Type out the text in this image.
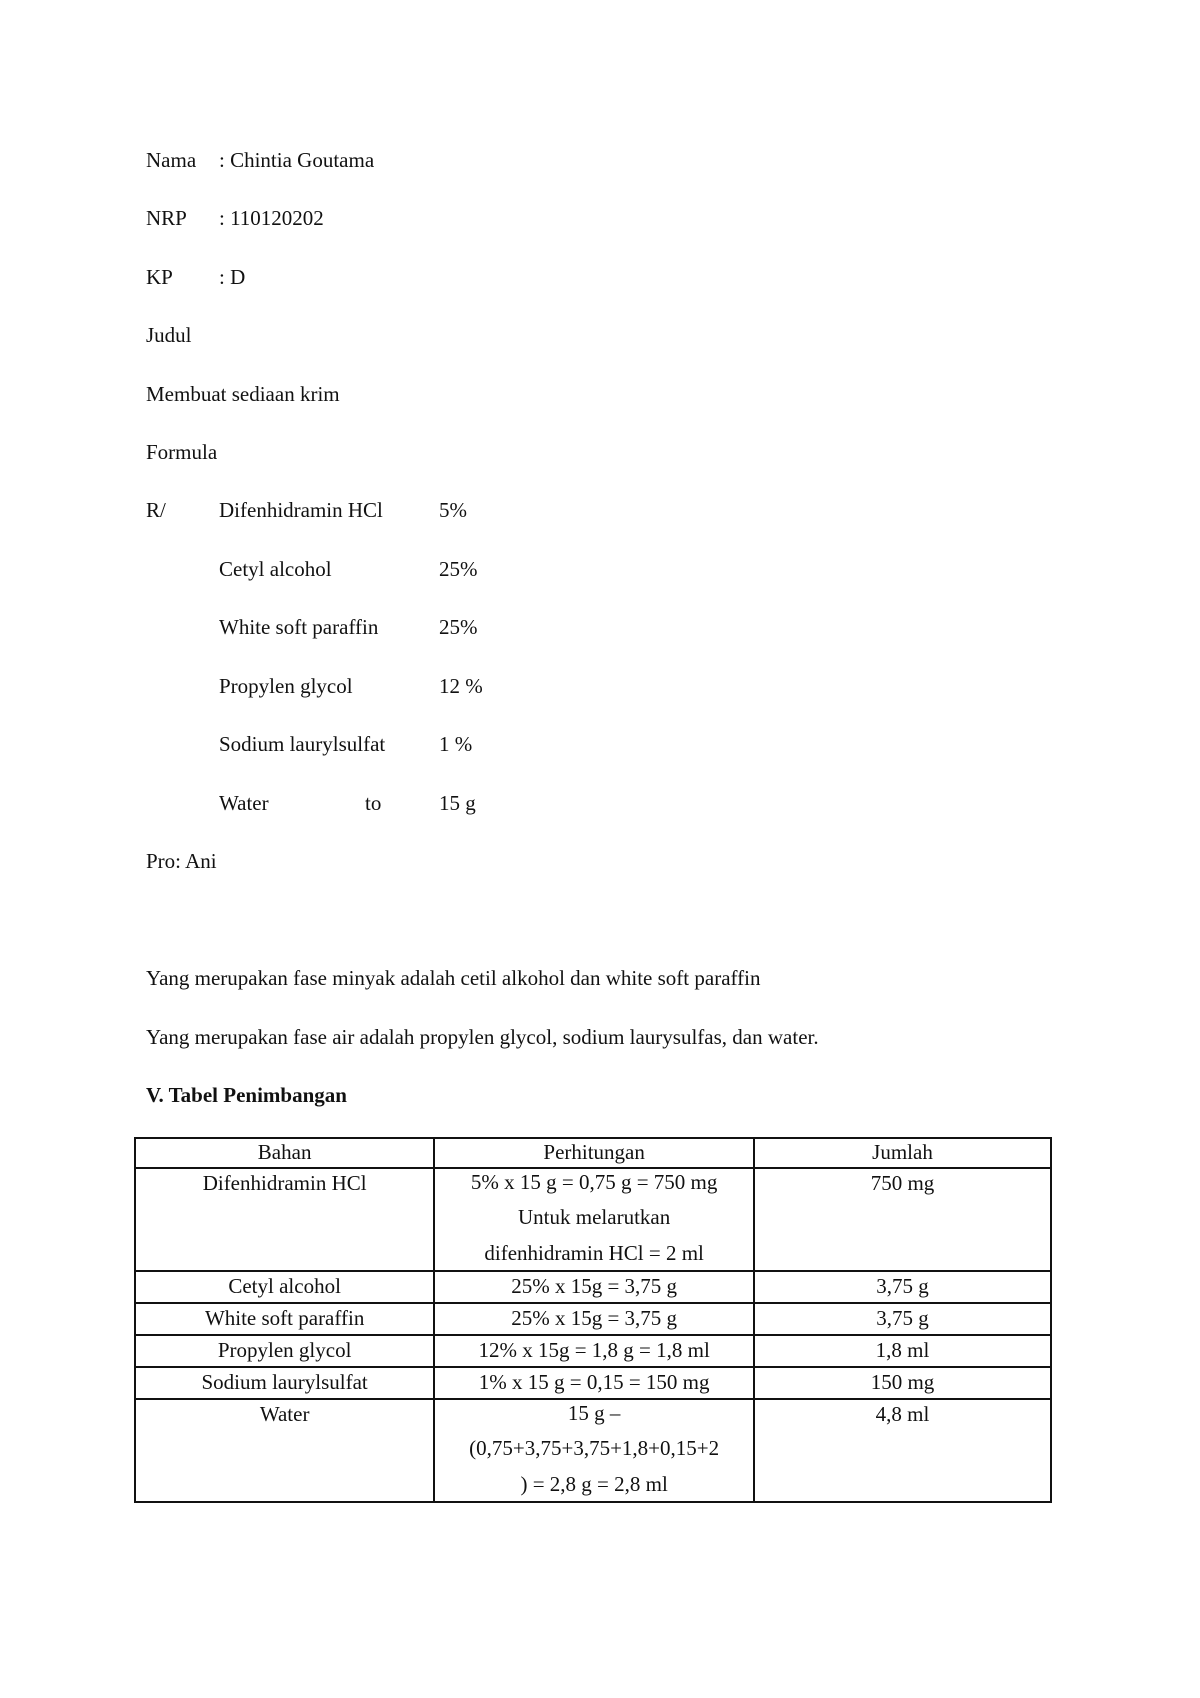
Nama : Chintia Goutama
NRP : 110120202
KP : D
Judul
Membuat sediaan krim
Formula
R/	Difenhidramin HCl	5%
Cetyl alcohol	25%
White soft paraffin	25%
Propylen glycol	12 %
Sodium laurylsulfat	1 %
Water	to	15 g
Pro: Ani
Yang merupakan fase minyak adalah cetil alkohol dan white soft paraffin
Yang merupakan fase air adalah propylen glycol, sodium laurysulfas, dan water.
V. Tabel Penimbangan
Bahan	Perhitungan	Jumlah
Difenhidramin HCl	5% x 15 g = 0,75 g = 750 mg
Untuk melarutkan
difenhidramin HCl = 2 ml	750 mg
Cetyl alcohol	25% x 15g = 3,75 g	3,75 g
White soft paraffin	25% x 15g = 3,75 g	3,75 g
Propylen glycol	12% x 15g = 1,8 g = 1,8 ml	1,8 ml
Sodium laurylsulfat	1% x 15 g = 0,15 = 150 mg	150 mg
Water	15 g –
(0,75+3,75+3,75+1,8+0,15+2
) = 2,8 g = 2,8 ml	4,8 ml
